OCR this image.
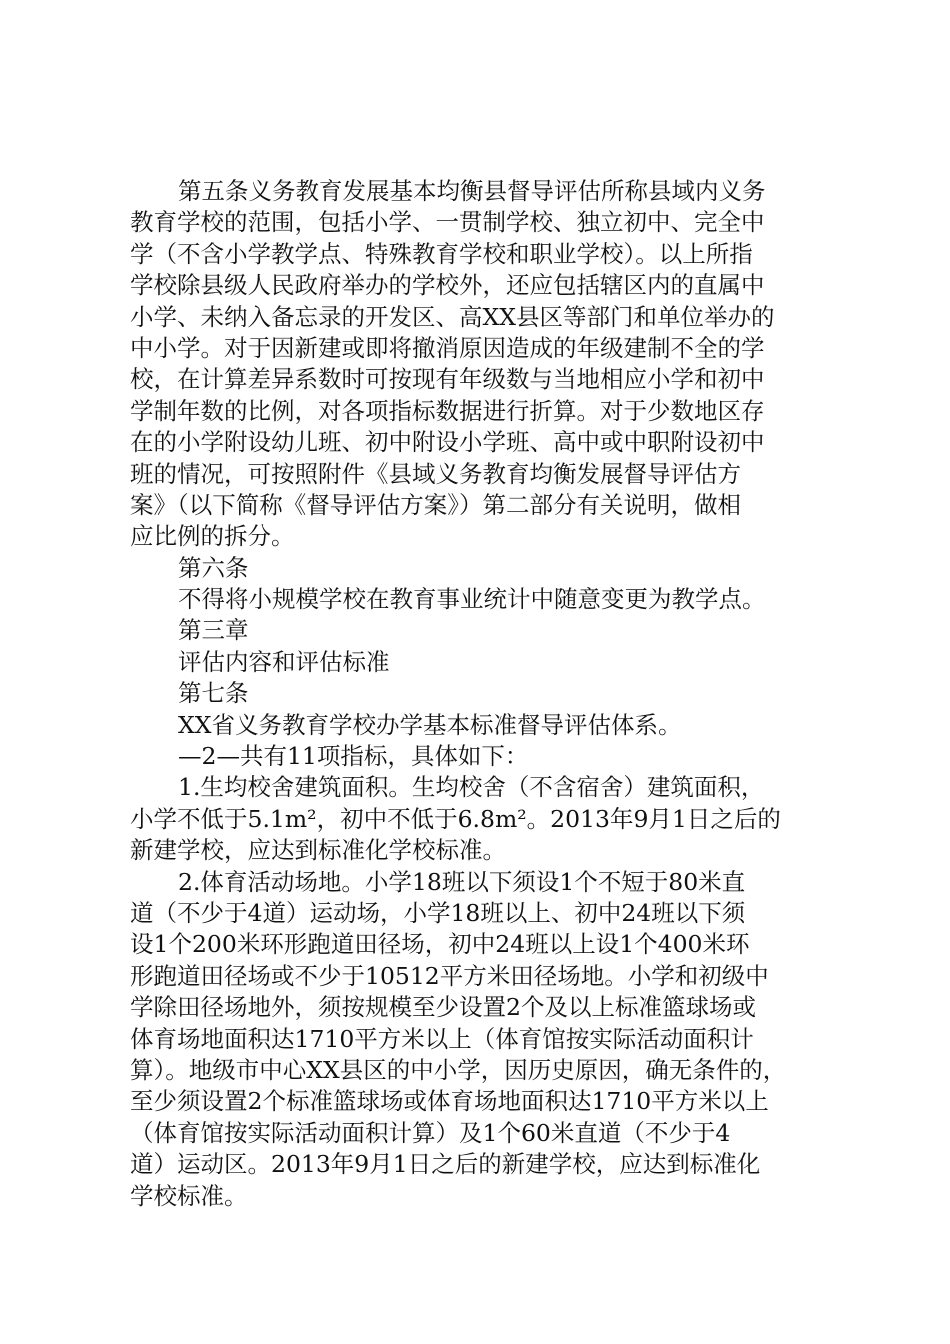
第五条义务教育发展基本均衡县督导评估所称县域内义务
教育学校的范围，包括小学、一贯制学校、独立初中、完全中
学（不含小学教学点、特殊教育学校和职业学校）。以上所指
学校除县级人民政府举办的学校外，还应包括辖区内的直属中
小学、未纳入备忘录的开发区、高XX县区等部门和单位举办的
中小学。对于因新建或即将撤消原因造成的年级建制不全的学
校，在计算差异系数时可按现有年级数与当地相应小学和初中
学制年数的比例，对各项指标数据进行折算。对于少数地区存
在的小学附设幼儿班、初中附设小学班、高中或中职附设初中
班的情况，可按照附件《县域义务教育均衡发展督导评估方
案》（以下简称《督导评估方案》）第二部分有关说明，做相
应比例的拆分。
第六条
不得将小规模学校在教育事业统计中随意变更为教学点。
第三章
评估内容和评估标准
第七条
XX省义务教育学校办学基本标准督导评估体系。
—2—共有11项指标，具体如下：
1.生均校舍建筑面积。生均校舍（不含宿舍）建筑面积，
小学不低于5.1m²，初中不低于6.8m²。2013年9月1日之后的
新建学校，应达到标准化学校标准。
2.体育活动场地。小学18班以下须设1个不短于80米直
道（不少于4道）运动场，小学18班以上、初中24班以下须
设1个200米环形跑道田径场，初中24班以上设1个400米环
形跑道田径场或不少于10512平方米田径场地。小学和初级中
学除田径场地外，须按规模至少设置2个及以上标准篮球场或
体育场地面积达1710平方米以上（体育馆按实际活动面积计
算）。地级市中心XX县区的中小学，因历史原因，确无条件的，
至少须设置2个标准篮球场或体育场地面积达1710平方米以上
（体育馆按实际活动面积计算）及1个60米直道（不少于4
道）运动区。2013年9月1日之后的新建学校，应达到标准化
学校标准。
